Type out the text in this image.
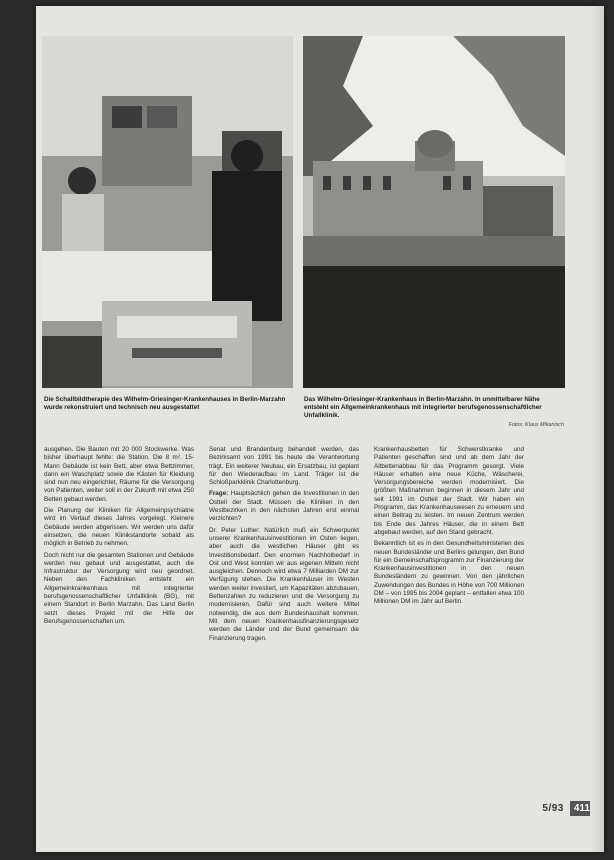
Die Schallbildtherapie des Wilhelm-Griesinger-Krankenhauses in Berlin-Marzahn wurde rekonstruiert und technisch neu ausgestattet
Das Wilhelm-Griesinger-Krankenhaus in Berlin-Marzahn. In unmittelbarer Nähe entsteht ein Allgemeinkrankenhaus mit integrierter berufsgenossenschaftlicher Unfallklinik.
Fotos: Klaus Mikanisch

ausgehen. Die Bauten mit 20 000 Stockwerke. Was bisher überhaupt fehlte: die Station. Die 8 m². 15-Mann Gebäude ist kein Bett, aber etwa Bettzimmer, dann ein Waschplatz sowie die Kästen für Kleidung sind nun neu eingerichtet, Räume für die Versorgung von Patienten, weiter soll in der Zukunft mit etwa 250 Betten gebaut werden.

Die Planung der Kliniken für Allgemeinpsychiatrie wird im Verlauf dieses Jahres vorgelegt. Kleinere Gebäude werden abgerissen. Wir werden uns dafür einsetzen, die neuen Klinikstandorte sobald als möglich in Betrieb zu nehmen.

Doch nicht nur die gesamten Stationen und Gebäude werden neu gebaut und ausgestattet, auch die Infrastruktur der Versorgung wird neu geordnet. Neben den Fachkliniken entsteht ein Allgemeinkrankenhaus mit integrierter berufsgenossenschaftlicher Unfallklinik (BG), mit einem Standort in Berlin Marzahn. Das Land Berlin setzt dieses Projekt mit der Hilfe der Berufsgenossenschaften um.

Senat und Brandenburg behandelt werden, das Bezirksamt von 1991 bis heute die Verantwortung trägt. Ein weiterer Neubau, ein Ersatzbau, ist geplant für den Wiederaufbau im Land. Träger ist die Schloßparkklinik Charlottenburg.

Frage: Hauptsächlich gehen die Investitionen in den Ostteil der Stadt. Müssen die Kliniken in den Westbezirken in den nächsten Jahren erst einmal verzichten?

Dr. Peter Luther: Natürlich muß ein Schwerpunkt unserer Krankenhausinvestitionen im Osten liegen, aber auch die westlichen Häuser gibt es Investitionsbedarf. Den enormen Nachholbedarf in Ost und West konnten wir aus eigenen Mitteln nicht ausgleichen. Dennoch wird etwa 7 Milliarden DM zur Verfügung stehen. Die Krankenhäuser im Westen werden weiter investiert, um Kapazitäten abzubauen, Bettenzahlen zu reduzieren und die Versorgung zu modernisieren. Dafür sind auch weitere Mittel notwendig, die aus dem Bundeshaushalt kommen. Mit dem neuen Krankenhausfinanzierungsgesetz werden die Länder und der Bund gemeinsam die Finanzierung tragen.

Krankenhausbetten für Schwerstkranke und Patienten geschaffen sind und ab dem Jahr der Altbettenabbau für das Programm gesorgt. Viele Häuser erhalten eine neue Küche, Wäscherei, Versorgungsbereiche werden modernisiert. Die größten Maßnahmen beginnen in diesem Jahr und seit 1991 im Ostteil der Stadt. Wir haben ein Programm, das Krankenhauswesen zu erneuern und einen Beitrag zu leisten. Im neuen Zentrum werden bis Ende des Jahres Häuser, die in einem Bett abgebaut werden, auf den Stand gebracht.

Bekanntlich ist es in den Gesundheitsministerien des neuen Bundesländer und Berlins gelungen, den Bund für ein Gemeinschaftsprogramm zur Finanzierung der Krankenhausinvestitionen in den neuen Bundesländern zu gewinnen. Von den jährlichen Zuwendungen des Bundes in Höhe von 700 Millionen DM – von 1995 bis 2004 geplant – entfallen etwa 100 Millionen DM im Jahr auf Berlin.

5/93	411
